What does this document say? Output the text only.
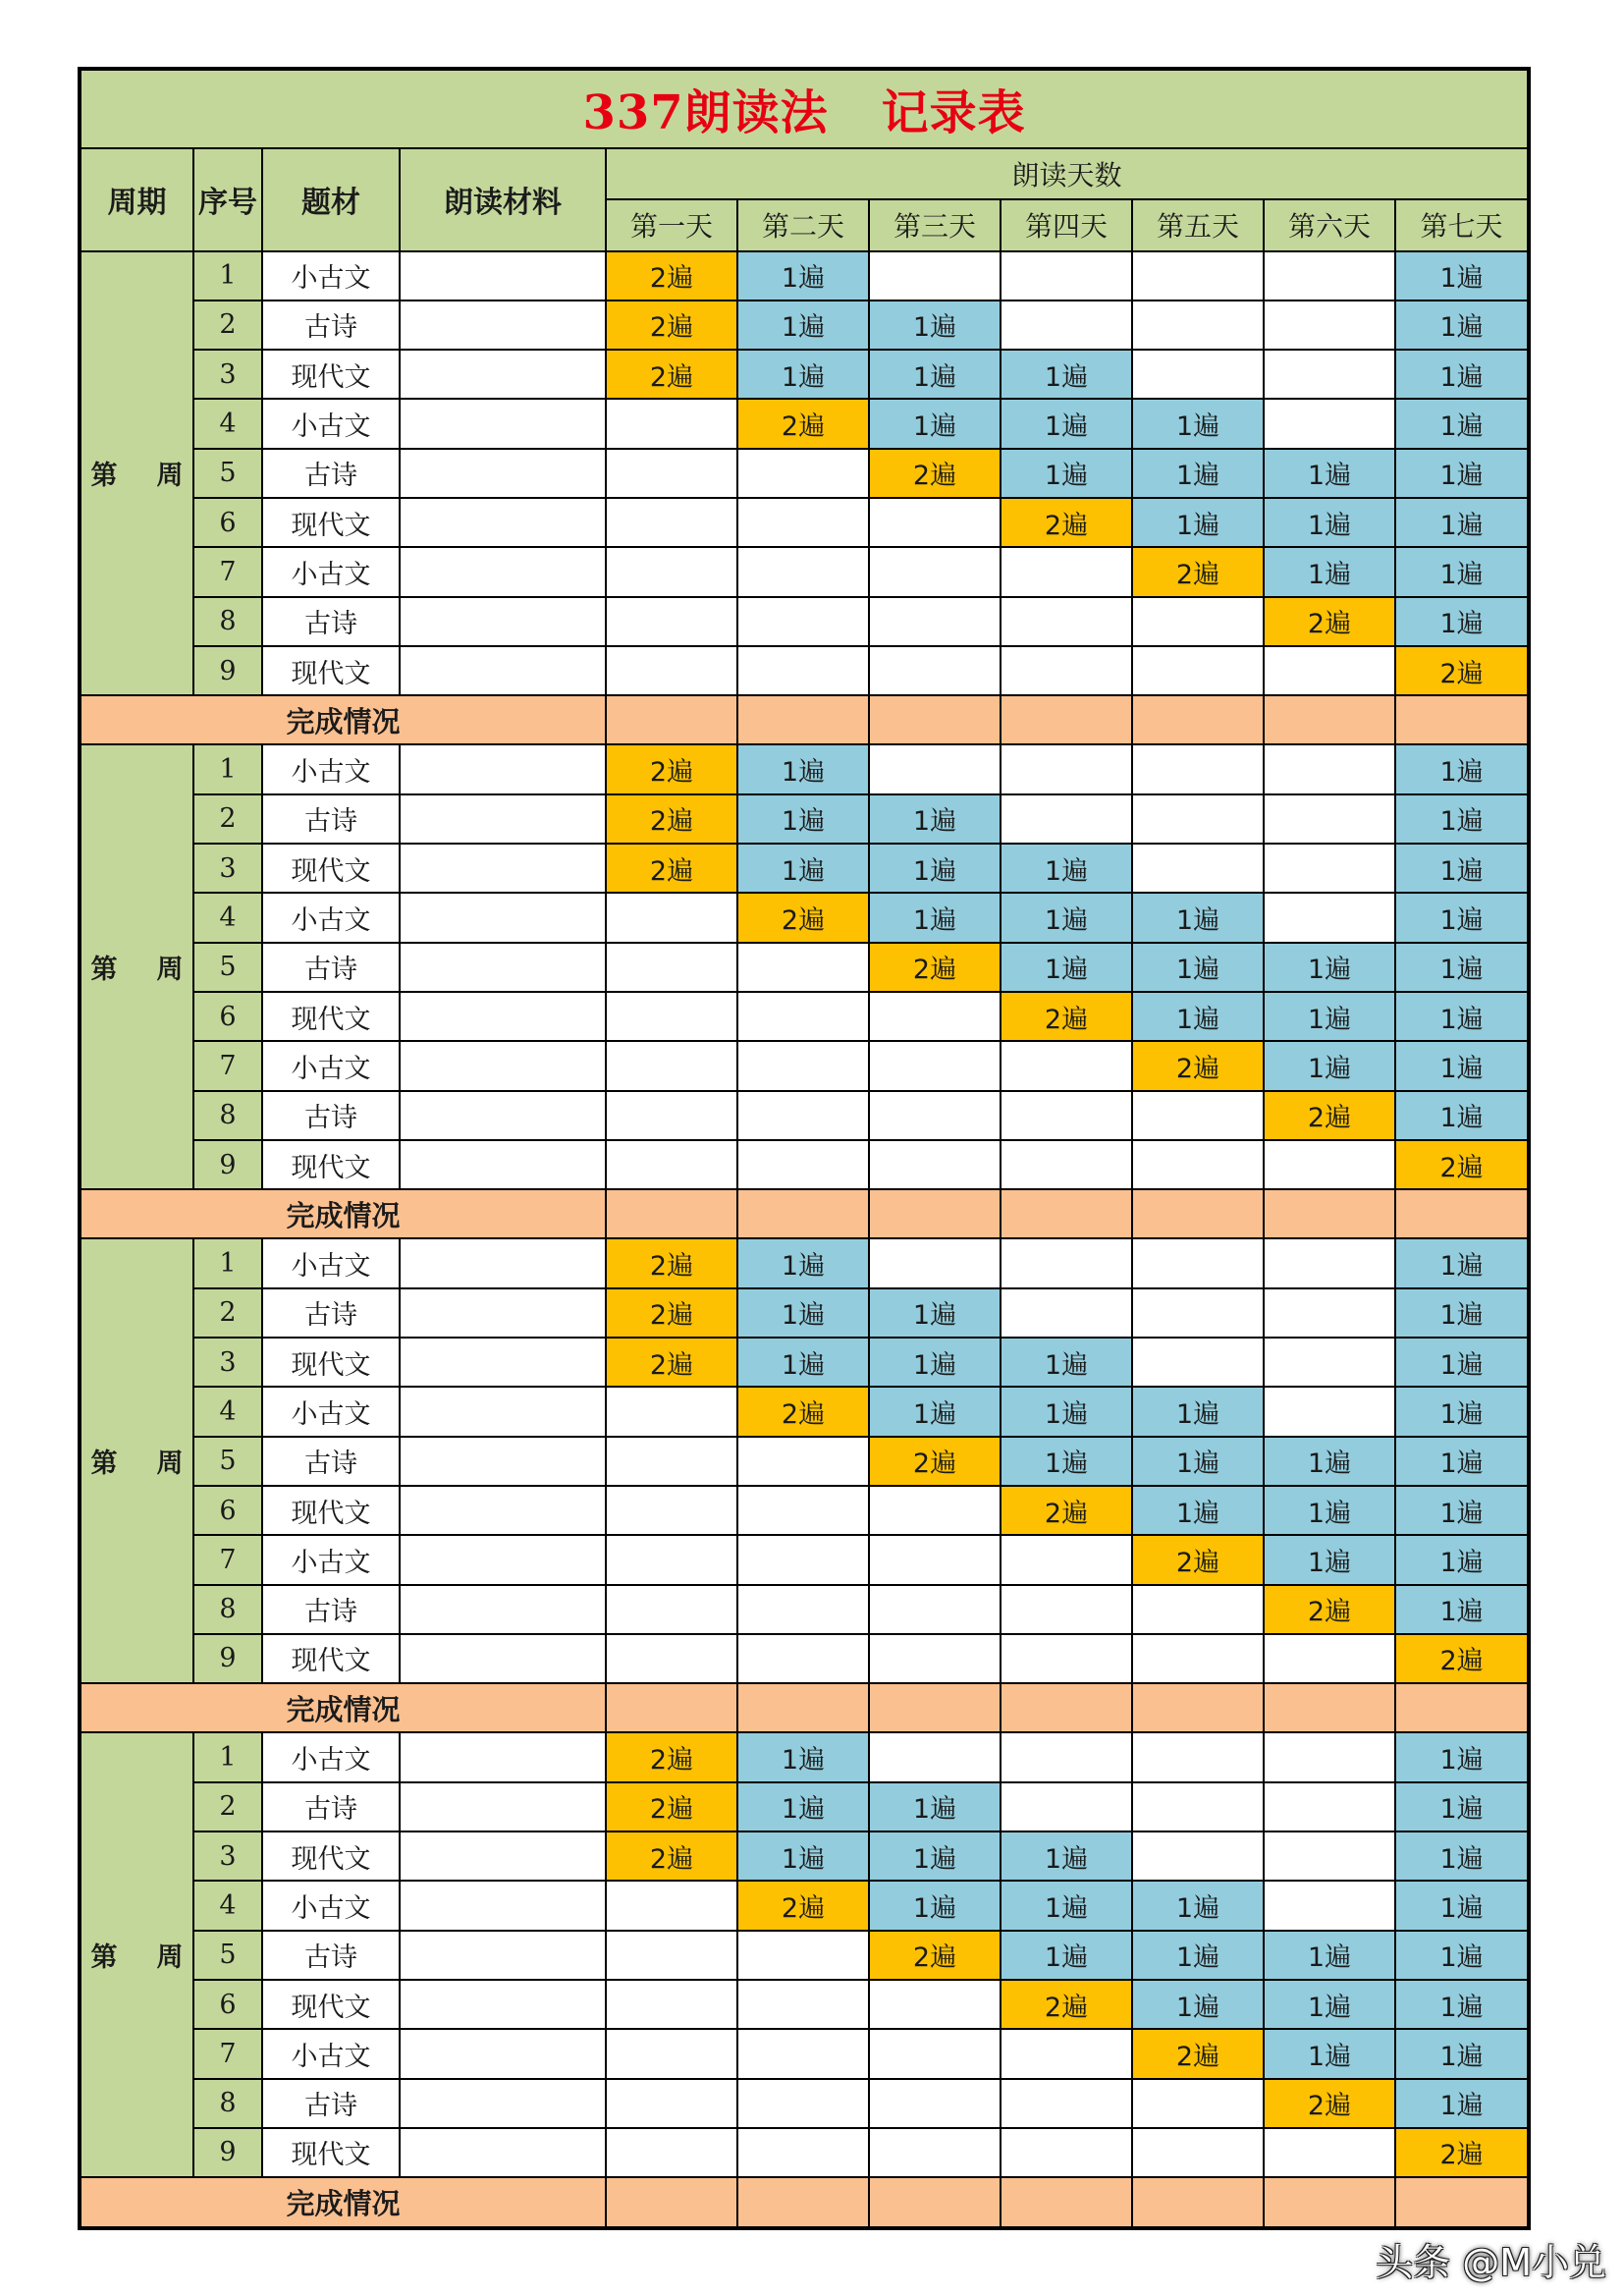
337朗读法 记录表										
周期	序号	题材	朗读材料	朗读天数						
				第一天	第二天	第三天	第四天	第五天	第六天	第七天
第 周	1	小古文		2遍	1遍					1遍
	2	古诗		2遍	1遍	1遍				1遍
	3	现代文		2遍	1遍	1遍	1遍			1遍
	4	小古文			2遍	1遍	1遍	1遍		1遍
	5	古诗				2遍	1遍	1遍	1遍	1遍
	6	现代文					2遍	1遍	1遍	1遍
	7	小古文						2遍	1遍	1遍
	8	古诗							2遍	1遍
	9	现代文								2遍
完成情况										
第 周	1	小古文		2遍	1遍					1遍
	2	古诗		2遍	1遍	1遍				1遍
	3	现代文		2遍	1遍	1遍	1遍			1遍
	4	小古文			2遍	1遍	1遍	1遍		1遍
	5	古诗				2遍	1遍	1遍	1遍	1遍
	6	现代文					2遍	1遍	1遍	1遍
	7	小古文						2遍	1遍	1遍
	8	古诗							2遍	1遍
	9	现代文								2遍
完成情况										
第 周	1	小古文		2遍	1遍					1遍
	2	古诗		2遍	1遍	1遍				1遍
	3	现代文		2遍	1遍	1遍	1遍			1遍
	4	小古文			2遍	1遍	1遍	1遍		1遍
	5	古诗				2遍	1遍	1遍	1遍	1遍
	6	现代文					2遍	1遍	1遍	1遍
	7	小古文						2遍	1遍	1遍
	8	古诗							2遍	1遍
	9	现代文								2遍
完成情况										
第 周	1	小古文		2遍	1遍					1遍
	2	古诗		2遍	1遍	1遍				1遍
	3	现代文		2遍	1遍	1遍	1遍			1遍
	4	小古文			2遍	1遍	1遍	1遍		1遍
	5	古诗				2遍	1遍	1遍	1遍	1遍
	6	现代文					2遍	1遍	1遍	1遍
	7	小古文						2遍	1遍	1遍
	8	古诗							2遍	1遍
	9	现代文								2遍
完成情况										
头条 @M小兑
